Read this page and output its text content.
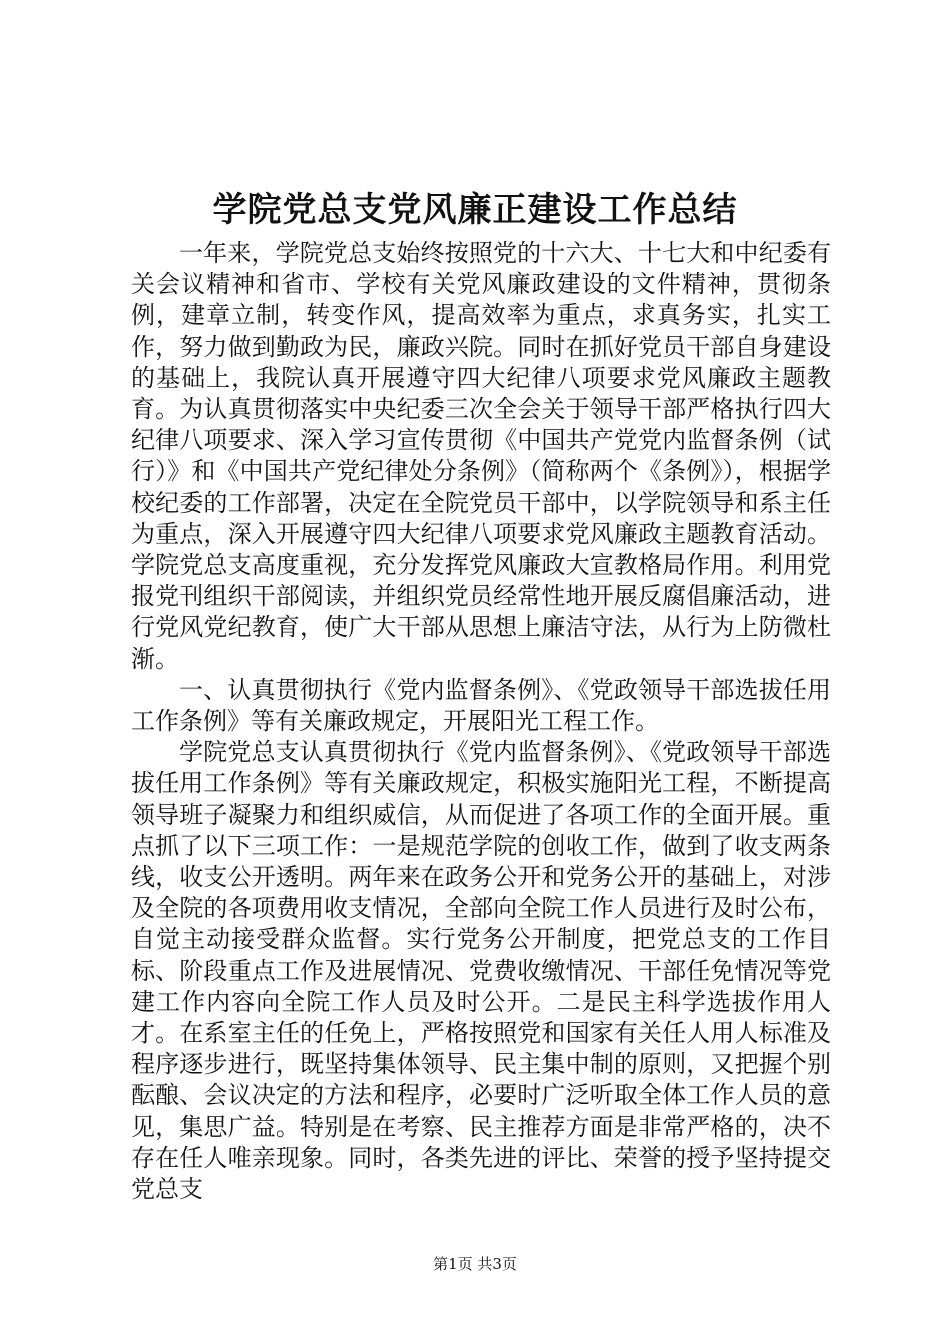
学院党总支党风廉正建设工作总结

一年来，学院党总支始终按照党的十六大、十七大和中纪委有关会议精神和省市、学校有关党风廉政建设的文件精神，贯彻条例，建章立制，转变作风，提高效率为重点，求真务实，扎实工作，努力做到勤政为民，廉政兴院。同时在抓好党员干部自身建设的基础上，我院认真开展遵守四大纪律八项要求党风廉政主题教育。为认真贯彻落实中央纪委三次全会关于领导干部严格执行四大纪律八项要求、深入学习宣传贯彻《中国共产党党内监督条例（试行）》和《中国共产党纪律处分条例》（简称两个《条例》），根据学校纪委的工作部署，决定在全院党员干部中，以学院领导和系主任为重点，深入开展遵守四大纪律八项要求党风廉政主题教育活动。学院党总支高度重视，充分发挥党风廉政大宣教格局作用。利用党报党刊组织干部阅读，并组织党员经常性地开展反腐倡廉活动，进行党风党纪教育，使广大干部从思想上廉洁守法，从行为上防微杜渐。

一、认真贯彻执行《党内监督条例》、《党政领导干部选拔任用工作条例》等有关廉政规定，开展阳光工程工作。

学院党总支认真贯彻执行《党内监督条例》、《党政领导干部选拔任用工作条例》等有关廉政规定，积极实施阳光工程，不断提高领导班子凝聚力和组织威信，从而促进了各项工作的全面开展。重点抓了以下三项工作：一是规范学院的创收工作，做到了收支两条线，收支公开透明。两年来在政务公开和党务公开的基础上，对涉及全院的各项费用收支情况，全部向全院工作人员进行及时公布，自觉主动接受群众监督。实行党务公开制度，把党总支的工作目标、阶段重点工作及进展情况、党费收缴情况、干部任免情况等党建工作内容向全院工作人员及时公开。二是民主科学选拔作用人才。在系室主任的任免上，严格按照党和国家有关任人用人标准及程序逐步进行，既坚持集体领导、民主集中制的原则，又把握个别酝酿、会议决定的方法和程序，必要时广泛听取全体工作人员的意见，集思广益。特别是在考察、民主推荐方面是非常严格的，决不存在任人唯亲现象。同时，各类先进的评比、荣誉的授予坚持提交党总支

第1页 共3页
